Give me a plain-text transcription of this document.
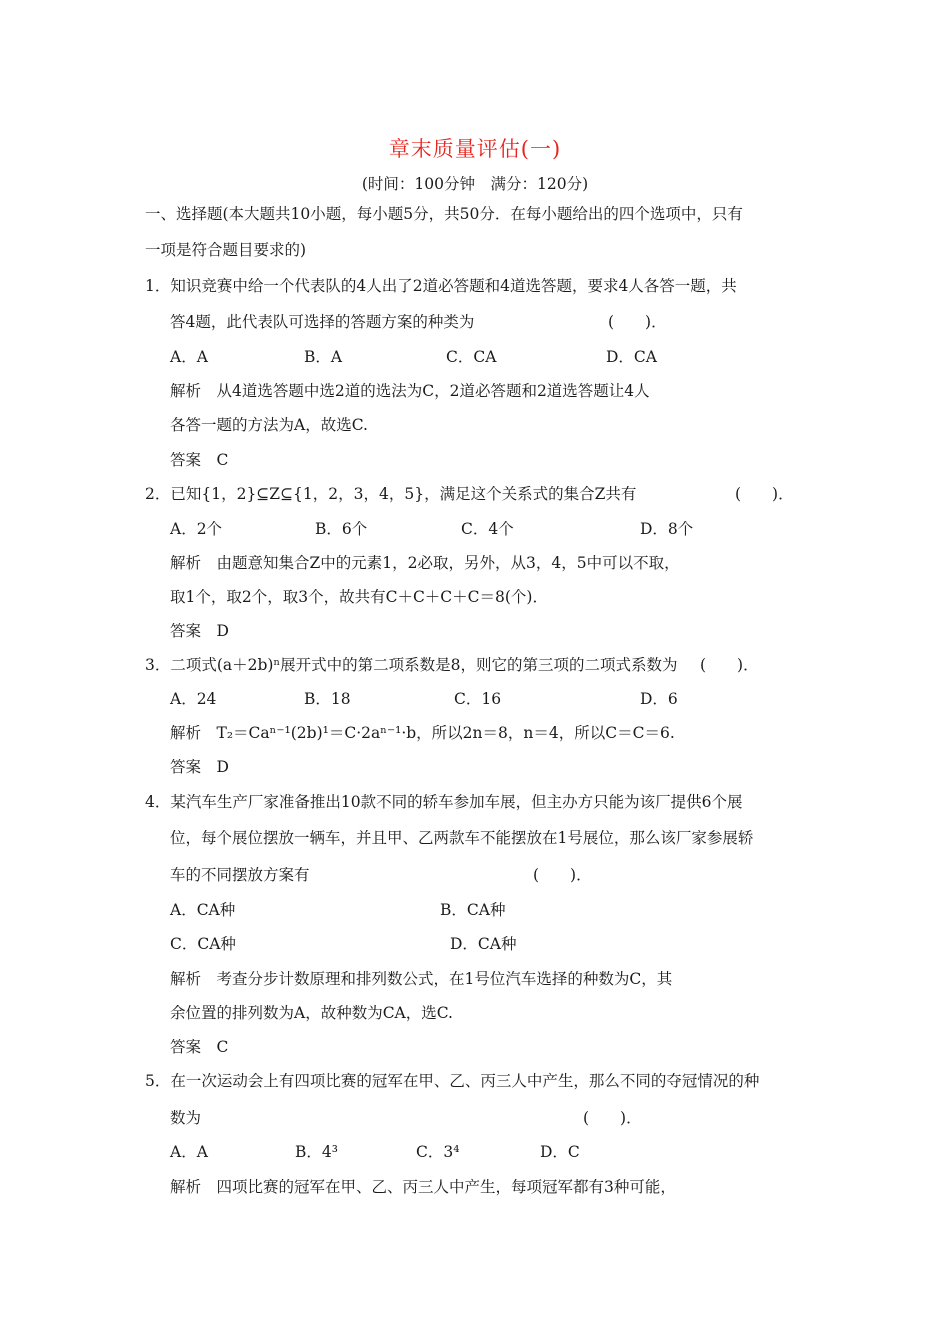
章末质量评估(一)
(时间：100分钟　满分：120分)
一、选择题(本大题共10小题，每小题5分，共50分．在每小题给出的四个选项中，只有
一项是符合题目要求的)
1．知识竞赛中给一个代表队的4人出了2道必答题和4道选答题，要求4人各答一题，共
答4题，此代表队可选择的答题方案的种类为	(　　)．
A．A	B．A	C．CA	D．CA
解析　从4道选答题中选2道的选法为C，2道必答题和2道选答题让4人
各答一题的方法为A，故选C.
答案　C
2．已知{1，2}⊆Z⊆{1，2，3，4，5}，满足这个关系式的集合Z共有	(　　)．
A．2个	B．6个	C．4个	D．8个
解析　由题意知集合Z中的元素1，2必取，另外，从3，4，5中可以不取，
取1个，取2个，取3个，故共有C＋C＋C＋C＝8(个)．
答案　D
3．二项式(a＋2b)ⁿ展开式中的第二项系数是8，则它的第三项的二项式系数为 (　　)．
A．24	B．18	C．16	D．6
解析　T₂＝Caⁿ⁻¹(2b)¹＝C·2aⁿ⁻¹·b，所以2n＝8，n＝4，所以C＝C＝6.
答案　D
4．某汽车生产厂家准备推出10款不同的轿车参加车展，但主办方只能为该厂提供6个展
位，每个展位摆放一辆车，并且甲、乙两款车不能摆放在1号展位，那么该厂家参展轿
车的不同摆放方案有	(　　)．
A．CA种	B．CA种
C．CA种	D．CA种
解析　考查分步计数原理和排列数公式，在1号位汽车选择的种数为C，其
余位置的排列数为A，故种数为CA，选C.
答案　C
5．在一次运动会上有四项比赛的冠军在甲、乙、丙三人中产生，那么不同的夺冠情况的种
数为	(　　)．
A．A	B．4³	C．3⁴	D．C
解析　四项比赛的冠军在甲、乙、丙三人中产生，每项冠军都有3种可能，
